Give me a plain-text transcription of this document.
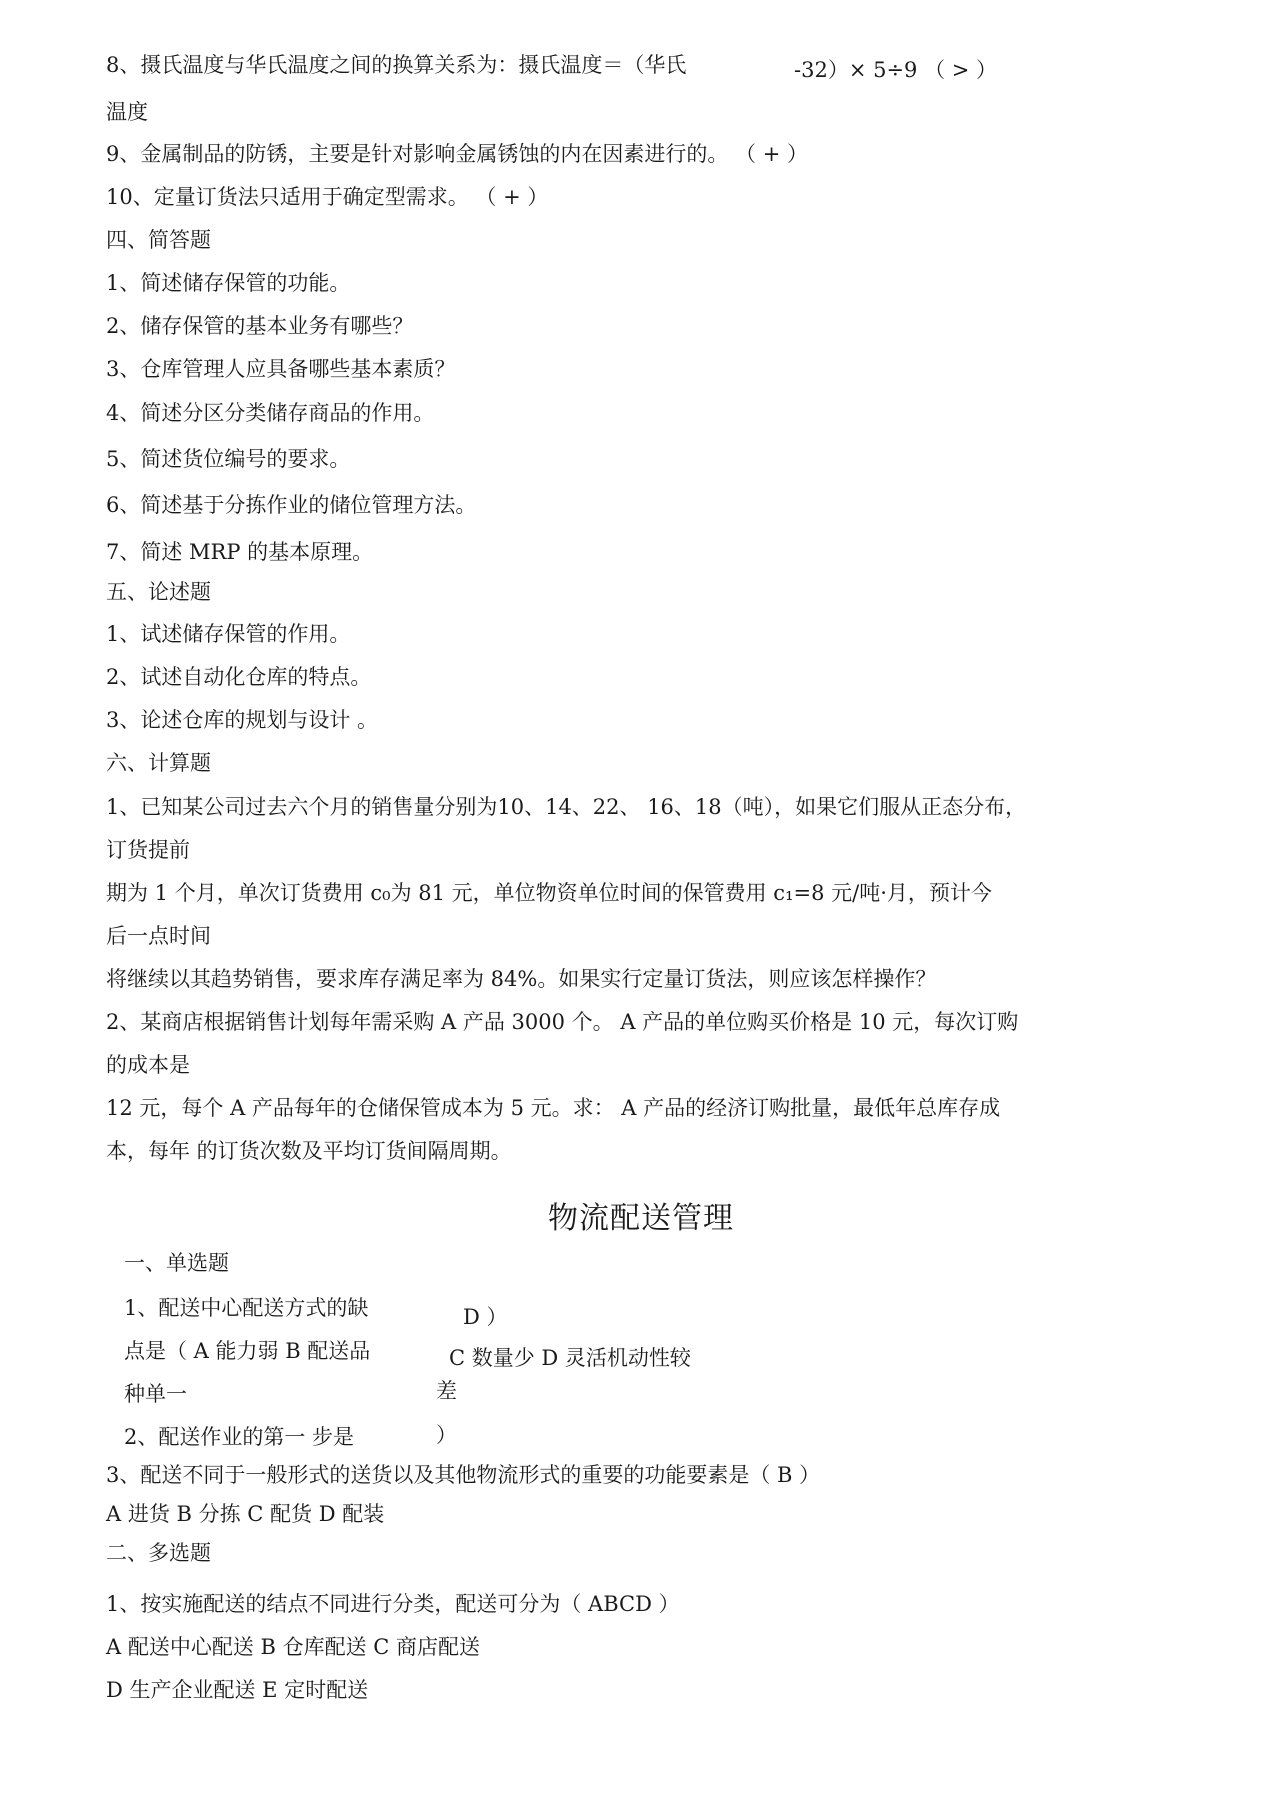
8、摄氏温度与华氏温度之间的换算关系为：摄氏温度＝（华氏	-32）× 5÷9 （ > ）
温度
9、金属制品的防锈，主要是针对影响金属锈蚀的内在因素进行的。 （ + ）
10、定量订货法只适用于确定型需求。 （ + ）
四、简答题
1、简述储存保管的功能。
2、储存保管的基本业务有哪些？
3、仓库管理人应具备哪些基本素质？
4、简述分区分类储存商品的作用。
5、简述货位编号的要求。
6、简述基于分拣作业的储位管理方法。
7、简述 MRP 的基本原理。
五、论述题
1、试述储存保管的作用。
2、试述自动化仓库的特点。
3、论述仓库的规划与设计 。
六、计算题
1、已知某公司过去六个月的销售量分别为10、14、22、 16、18（吨），如果它们服从正态分布，
订货提前
期为 1 个月，单次订货费用 c₀为 81 元，单位物资单位时间的保管费用 c₁=8 元/吨·月，预计今
后一点时间
将继续以其趋势销售，要求库存满足率为 84%。如果实行定量订货法，则应该怎样操作？
2、某商店根据销售计划每年需采购 A 产品 3000 个。 A 产品的单位购买价格是 10 元，每次订购
的成本是
12 元，每个 A 产品每年的仓储保管成本为 5 元。求： A 产品的经济订购批量，最低年总库存成
本，每年 的订货次数及平均订货间隔周期。
物流配送管理
一、单选题
1、配送中心配送方式的缺	D ）
点是（ A 能力弱 B 配送品	C 数量少 D 灵活机动性较
种单一	差
2、配送作业的第一 步是	）
3、配送不同于一般形式的送货以及其他物流形式的重要的功能要素是（ B ）
A 进货 B 分拣 C 配货 D 配装
二、多选题
1、按实施配送的结点不同进行分类，配送可分为（ ABCD ）
A 配送中心配送 B 仓库配送 C 商店配送
D 生产企业配送 E 定时配送
